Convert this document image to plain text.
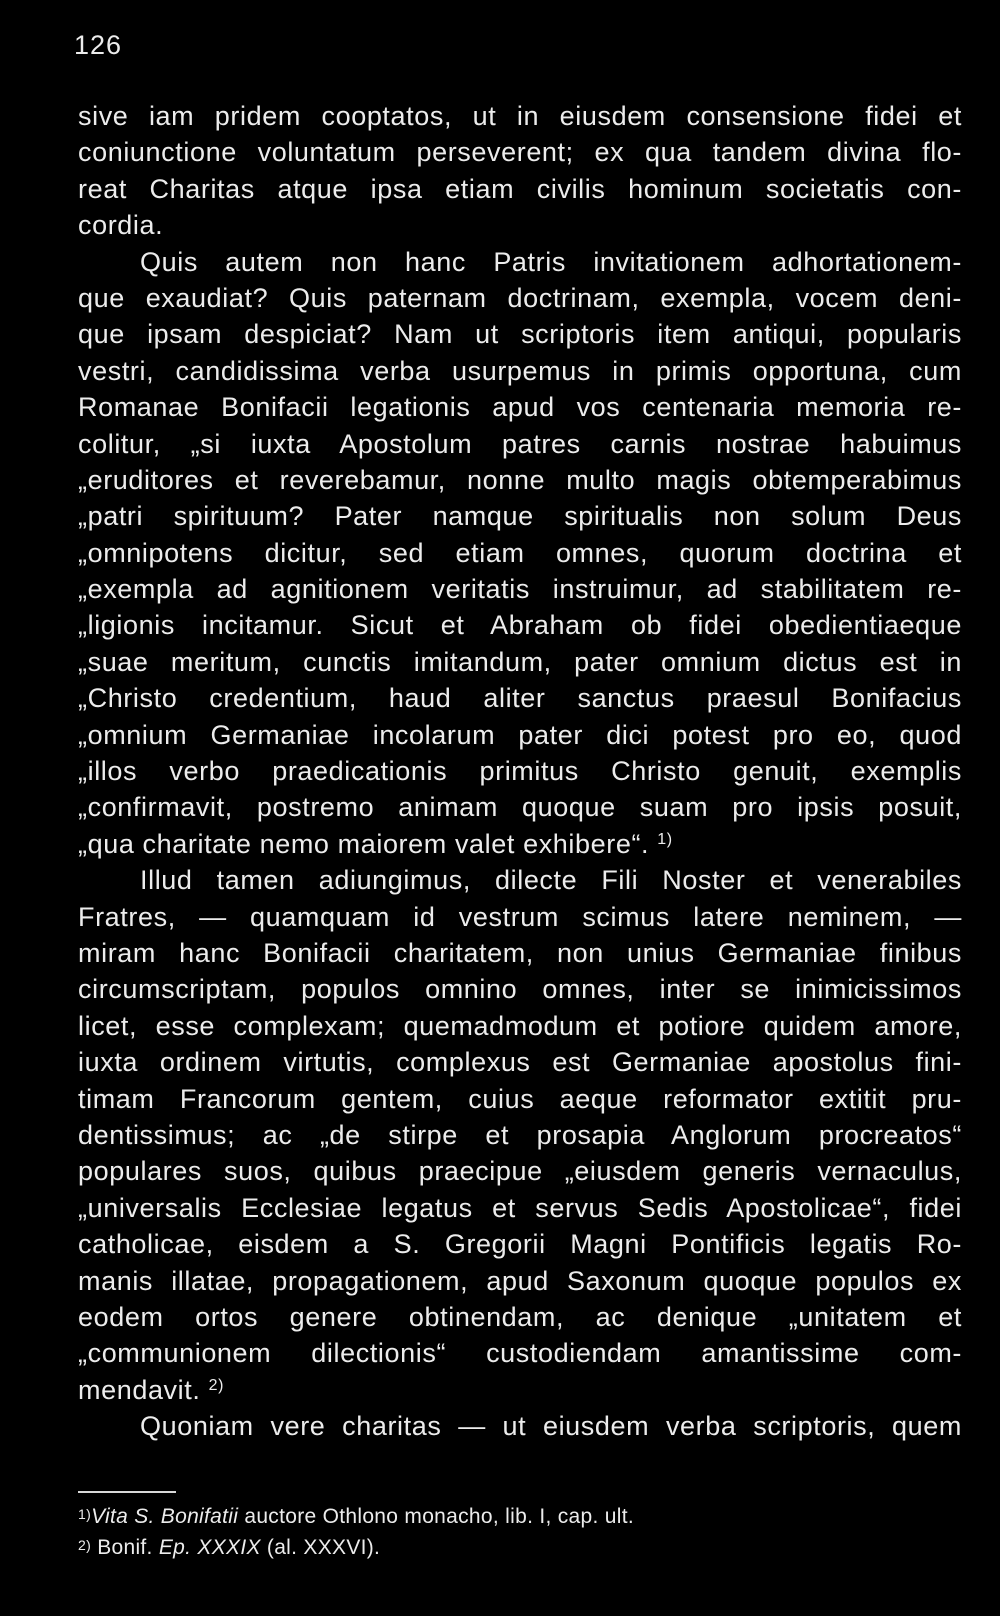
126
sive iam pridem cooptatos, ut in eiusdem consensione fidei et
coniunctione voluntatum perseverent; ex qua tandem divina flo-
reat Charitas atque ipsa etiam civilis hominum societatis con-
cordia.
Quis autem non hanc Patris invitationem adhortationem-
que exaudiat? Quis paternam doctrinam, exempla, vocem deni-
que ipsam despiciat? Nam ut scriptoris item antiqui, popularis
vestri, candidissima verba usurpemus in primis opportuna, cum
Romanae Bonifacii legationis apud vos centenaria memoria re-
colitur, „si iuxta Apostolum patres carnis nostrae habuimus
„eruditores et reverebamur, nonne multo magis obtemperabimus
„patri spirituum? Pater namque spiritualis non solum Deus
„omnipotens dicitur, sed etiam omnes, quorum doctrina et
„exempla ad agnitionem veritatis instruimur, ad stabilitatem re-
„ligionis incitamur. Sicut et Abraham ob fidei obedientiaeque
„suae meritum, cunctis imitandum, pater omnium dictus est in
„Christo credentium, haud aliter sanctus praesul Bonifacius
„omnium Germaniae incolarum pater dici potest pro eo, quod
„illos verbo praedicationis primitus Christo genuit, exemplis
„confirmavit, postremo animam quoque suam pro ipsis posuit,
„qua charitate nemo maiorem valet exhibere“. $^{1)}$
Illud tamen adiungimus, dilecte Fili Noster et venerabiles
Fratres, — quamquam id vestrum scimus latere neminem, —
miram hanc Bonifacii charitatem, non unius Germaniae finibus
circumscriptam, populos omnino omnes, inter se inimicissimos
licet, esse complexam; quemadmodum et potiore quidem amore,
iuxta ordinem virtutis, complexus est Germaniae apostolus fini-
timam Francorum gentem, cuius aeque reformator extitit pru-
dentissimus; ac „de stirpe et prosapia Anglorum procreatos“
populares suos, quibus praecipue „eiusdem generis vernaculus,
„universalis Ecclesiae legatus et servus Sedis Apostolicae“, fidei
catholicae, eisdem a S. Gregorii Magni Pontificis legatis Ro-
manis illatae, propagationem, apud Saxonum quoque populos ex
eodem ortos genere obtinendam, ac denique „unitatem et
„communionem dilectionis“ custodiendam amantissime com-
mendavit. $^{2)}$
Quoniam vere charitas — ut eiusdem verba scriptoris, quem
$^{1)}$Vita S. Bonifatii auctore Othlono monacho, lib. I, cap. ult.
$^{2)}$ Bonif. Ep. XXXIX (al. XXXVI).
